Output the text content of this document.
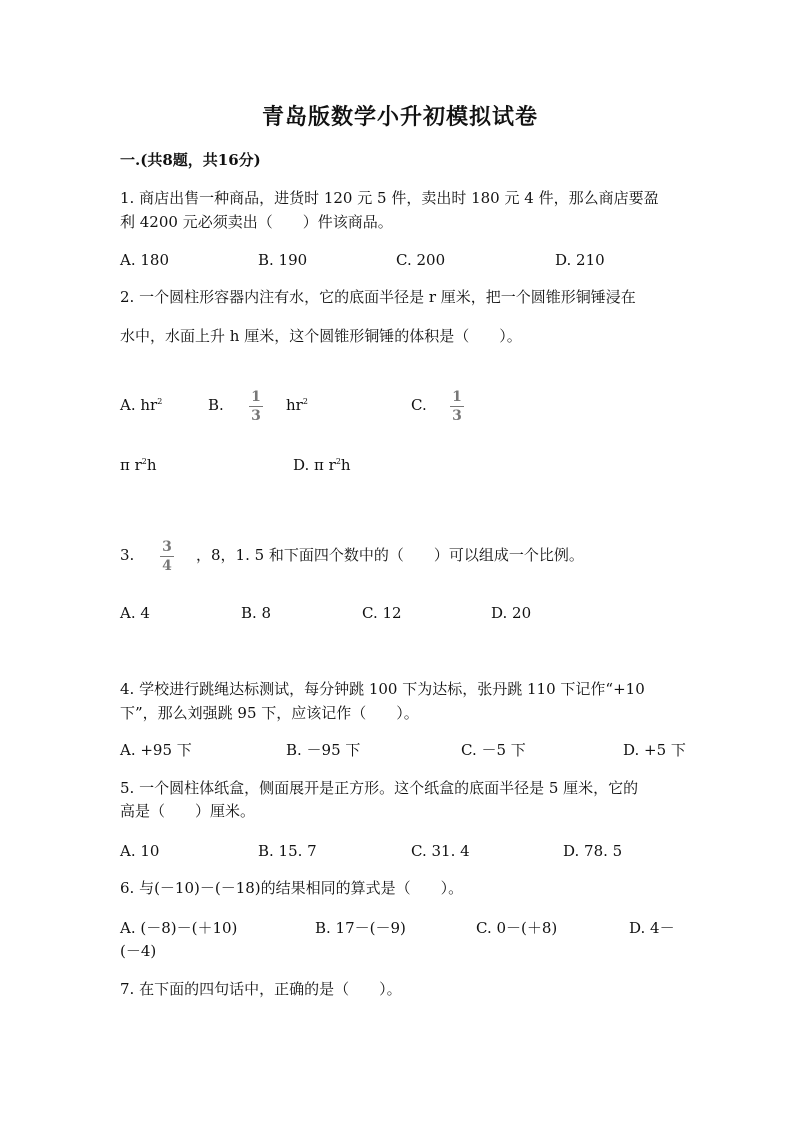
青岛版数学小升初模拟试卷
一.(共8题，共16分)
1. 商店出售一种商品，进货时 120 元 5 件，卖出时 180 元 4 件，那么商店要盈
利 4200 元必须卖出（　　）件该商品。
A. 180	B. 190	C. 200	D. 210
2. 一个圆柱形容器内注有水，它的底面半径是 r 厘米，把一个圆锥形铜锤浸在
水中，水面上升 h 厘米，这个圆锥形铜锤的体积是（　　）。
A. $hr^2$	B. 1
3
$hr^2$	C. 1
3
π $r^2h$	D. π $r^2h$
3. 3
4
，8，1. 5 和下面四个数中的（　　）可以组成一个比例。
A. 4	B. 8	C. 12	D. 20
4. 学校进行跳绳达标测试，每分钟跳 100 下为达标，张丹跳 110 下记作“+10
下”，那么刘强跳 95 下，应该记作（　　）。
A. +95 下	B. －95 下	C. －5 下	D. +5 下
5. 一个圆柱体纸盒，侧面展开是正方形。这个纸盒的底面半径是 5 厘米，它的
高是（　　）厘米。
A. 10	B. 15. 7	C. 31. 4	D. 78. 5
6. 与(－10)－(－18)的结果相同的算式是（　　）。
A. (－8)－(＋10)	B. 17－(－9)	C. 0－(＋8)	D. 4－
(－4)
7. 在下面的四句话中，正确的是（　　）。
